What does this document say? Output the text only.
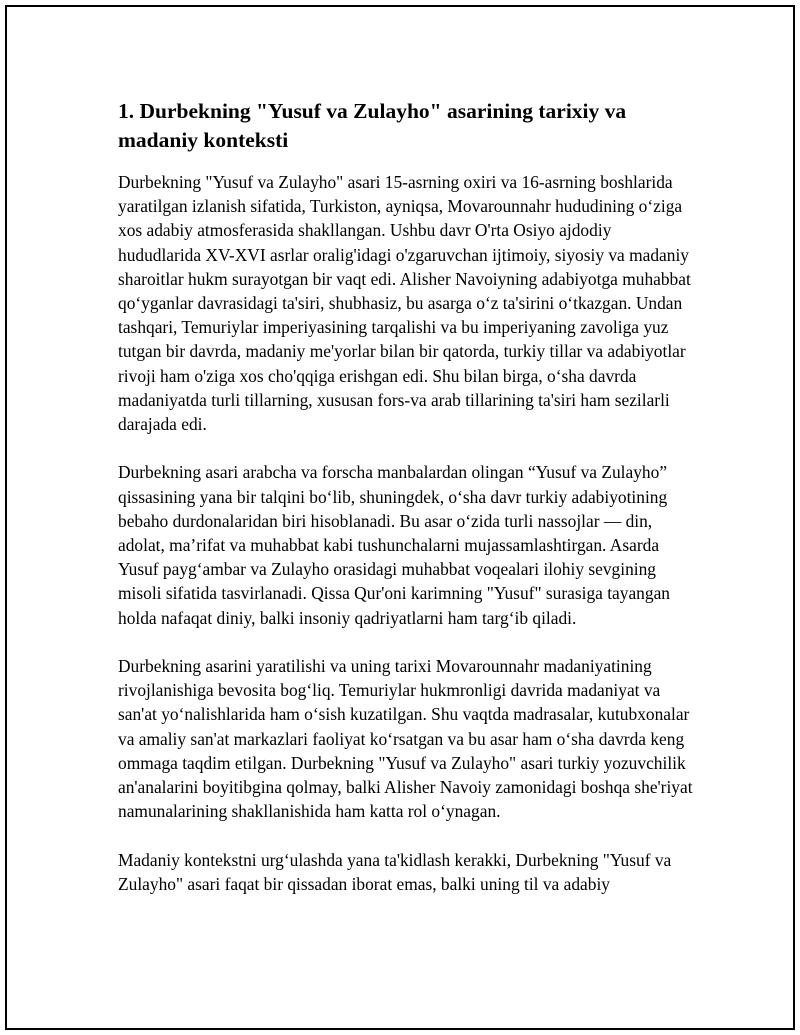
1. Durbekning "Yusuf va Zulayho" asarining tarixiy va madaniy konteksti

Durbekning "Yusuf va Zulayho" asari 15-asrning oxiri va 16-asrning boshlarida yaratilgan izlanish sifatida, Turkiston, ayniqsa, Movarounnahr hududining o‘ziga xos adabiy atmosferasida shakllangan. Ushbu davr O'rta Osiyo ajdodiy hududlarida XV-XVI asrlar oralig'idagi o'zgaruvchan ijtimoiy, siyosiy va madaniy sharoitlar hukm surayotgan bir vaqt edi. Alisher Navoiyning adabiyotga muhabbat qo‘yganlar davrasidagi ta'siri, shubhasiz, bu asarga o‘z ta'sirini o‘tkazgan. Undan tashqari, Temuriylar imperiyasining tarqalishi va bu imperiyaning zavoliga yuz tutgan bir davrda, madaniy me'yorlar bilan bir qatorda, turkiy tillar va adabiyotlar rivoji ham o'ziga xos cho'qqiga erishgan edi. Shu bilan birga, o‘sha davrda madaniyatda turli tillarning, xususan fors-va arab tillarining ta'siri ham sezilarli darajada edi.

Durbekning asari arabcha va forscha manbalardan olingan “Yusuf va Zulayho” qissasining yana bir talqini bo‘lib, shuningdek, o‘sha davr turkiy adabiyotining bebaho durdonalaridan biri hisoblanadi. Bu asar o‘zida turli nassojlar — din, adolat, ma’rifat va muhabbat kabi tushunchalarni mujassamlashtirgan. Asarda Yusuf payg‘ambar va Zulayho orasidagi muhabbat voqealari ilohiy sevgining misoli sifatida tasvirlanadi. Qissa Qur'oni karimning "Yusuf" surasiga tayangan holda nafaqat diniy, balki insoniy qadriyatlarni ham targ‘ib qiladi.

Durbekning asarini yaratilishi va uning tarixi Movarounnahr madaniyatining rivojlanishiga bevosita bog‘liq. Temuriylar hukmronligi davrida madaniyat va san'at yo‘nalishlarida ham o‘sish kuzatilgan. Shu vaqtda madrasalar, kutubxonalar va amaliy san'at markazlari faoliyat ko‘rsatgan va bu asar ham o‘sha davrda keng ommaga taqdim etilgan. Durbekning "Yusuf va Zulayho" asari turkiy yozuvchilik an'analarini boyitibgina qolmay, balki Alisher Navoiy zamonidagi boshqa she'riyat namunalarining shakllanishida ham katta rol o‘ynagan.

Madaniy kontekstni urg‘ulashda yana ta'kidlash kerakki, Durbekning "Yusuf va Zulayho" asari faqat bir qissadan iborat emas, balki uning til va adabiy
